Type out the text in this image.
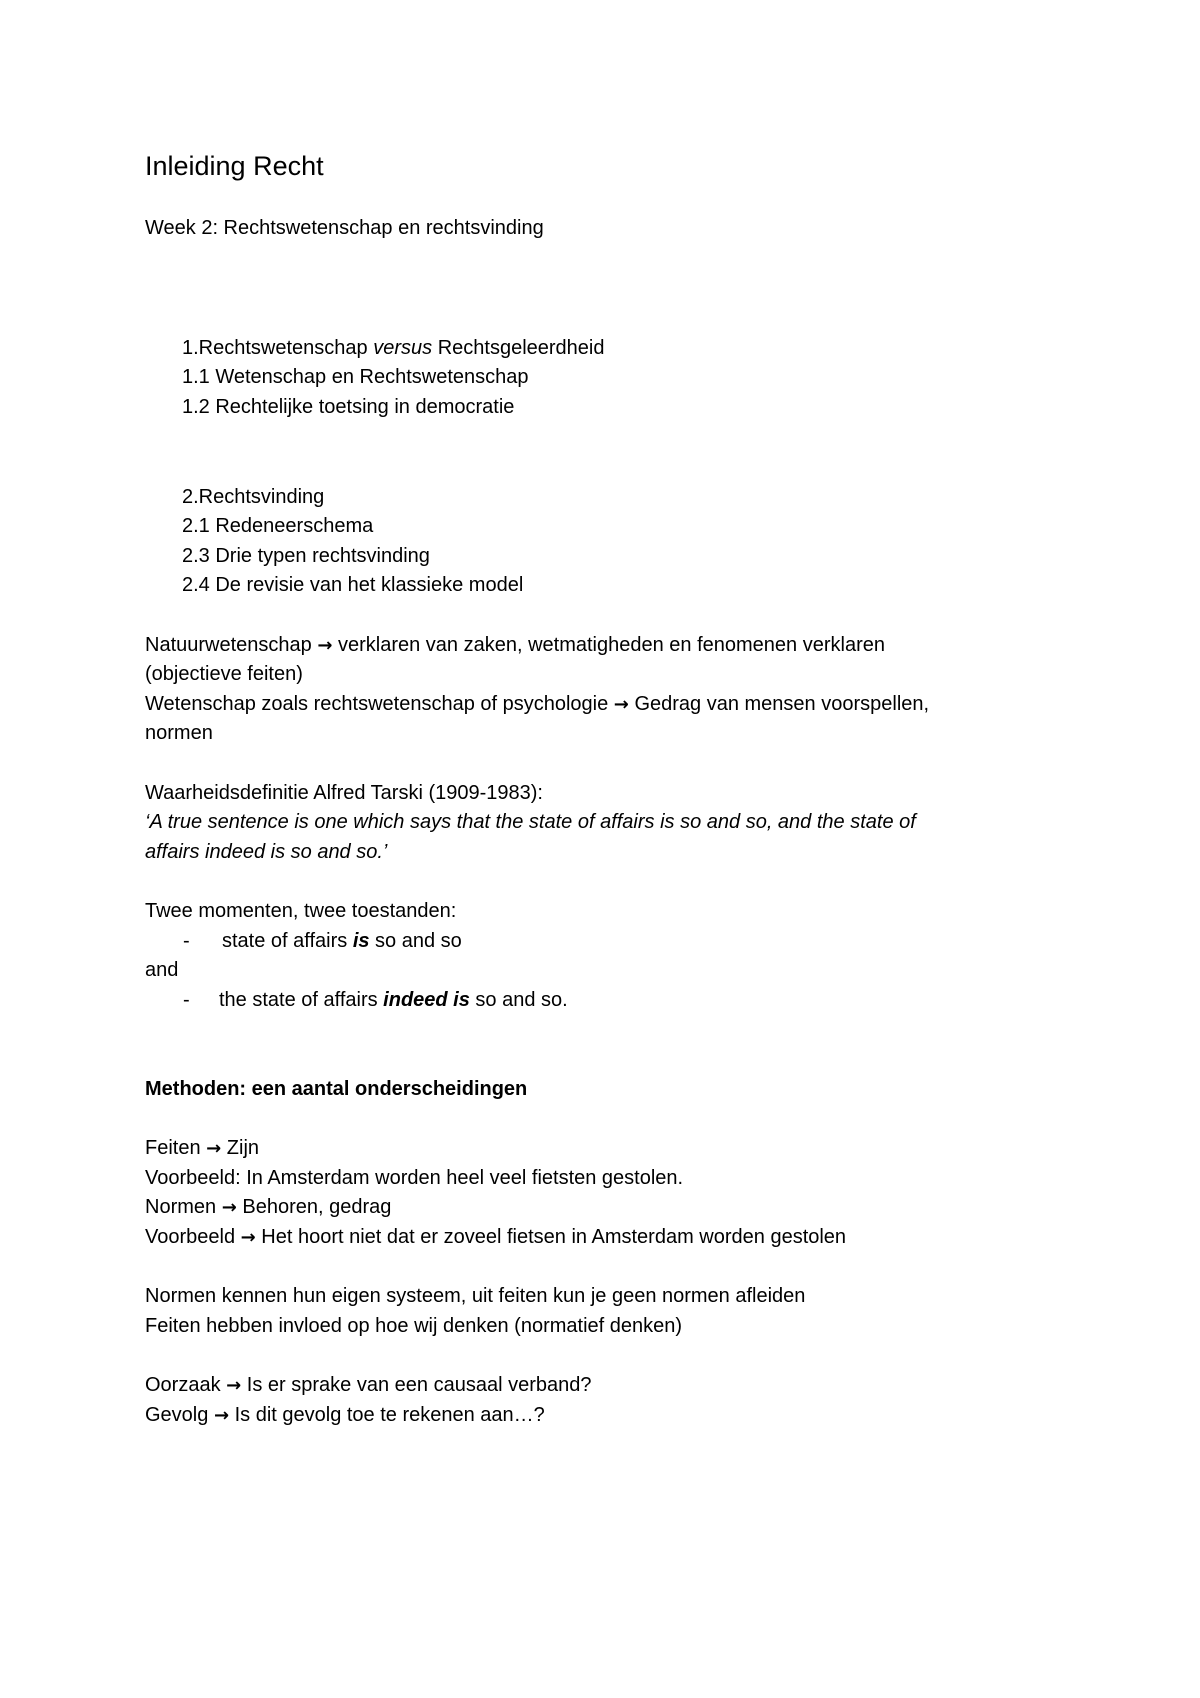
Inleiding Recht
Week 2: Rechtswetenschap en rechtsvinding
1.Rechtswetenschap versus Rechtsgeleerdheid
1.1 Wetenschap en Rechtswetenschap
1.2 Rechtelijke toetsing in democratie
2.Rechtsvinding
2.1 Redeneerschema
2.3 Drie typen rechtsvinding
2.4 De revisie van het klassieke model
Natuurwetenschap → verklaren van zaken, wetmatigheden en fenomenen verklaren
(objectieve feiten)
Wetenschap zoals rechtswetenschap of psychologie → Gedrag van mensen voorspellen,
normen
Waarheidsdefinitie Alfred Tarski (1909-1983):
‘A true sentence is one which says that the state of affairs is so and so, and the state of
affairs indeed is so and so.’
Twee momenten, twee toestanden:
- state of affairs is so and so
and
- the state of affairs indeed is so and so.
Methoden: een aantal onderscheidingen
Feiten → Zijn
Voorbeeld: In Amsterdam worden heel veel fietsten gestolen.
Normen → Behoren, gedrag
Voorbeeld → Het hoort niet dat er zoveel fietsen in Amsterdam worden gestolen
Normen kennen hun eigen systeem, uit feiten kun je geen normen afleiden
Feiten hebben invloed op hoe wij denken (normatief denken)
Oorzaak → Is er sprake van een causaal verband?
Gevolg → Is dit gevolg toe te rekenen aan…?
